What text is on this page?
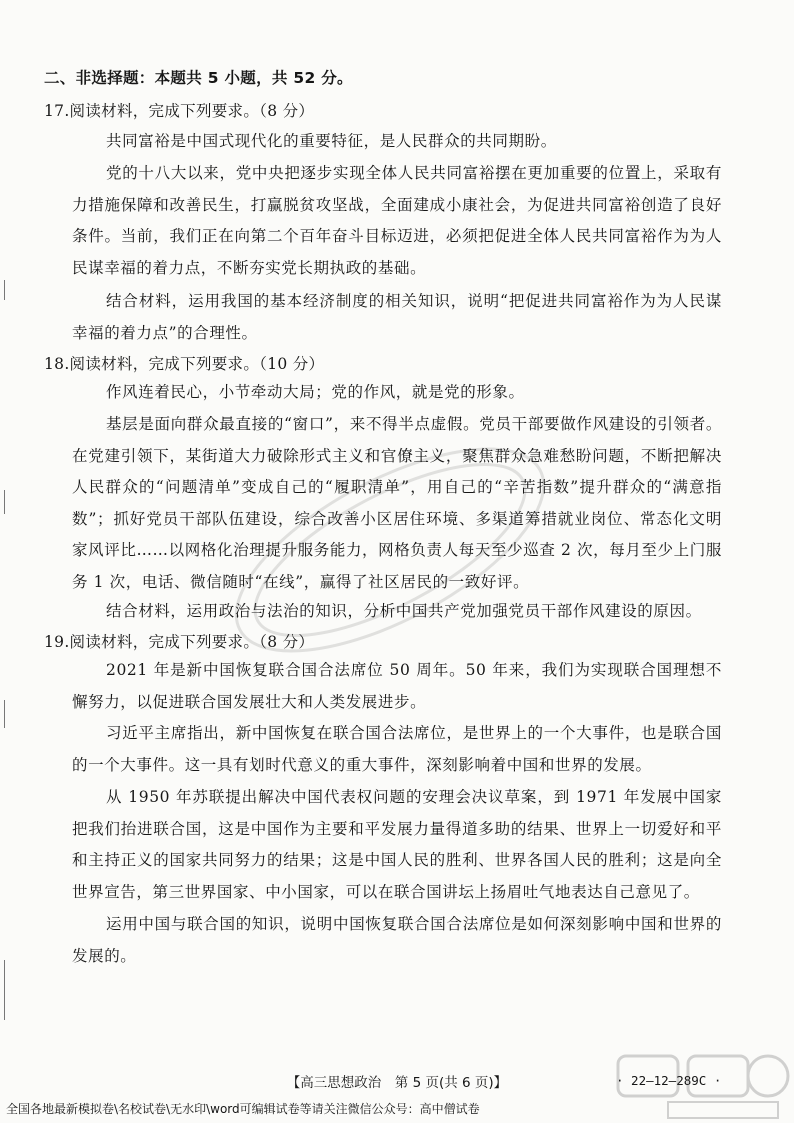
二、非选择题：本题共 5 小题，共 52 分。
17.阅读材料，完成下列要求。（8 分）
共同富裕是中国式现代化的重要特征，是人民群众的共同期盼。
党的十八大以来，党中央把逐步实现全体人民共同富裕摆在更加重要的位置上，采取有力措施保障和改善民生，打赢脱贫攻坚战，全面建成小康社会，为促进共同富裕创造了良好条件。当前，我们正在向第二个百年奋斗目标迈进，必须把促进全体人民共同富裕作为为人民谋幸福的着力点，不断夯实党长期执政的基础。
结合材料，运用我国的基本经济制度的相关知识，说明“把促进共同富裕作为为人民谋幸福的着力点”的合理性。
18.阅读材料，完成下列要求。（10 分）
作风连着民心，小节牵动大局；党的作风，就是党的形象。
基层是面向群众最直接的“窗口”，来不得半点虚假。党员干部要做作风建设的引领者。在党建引领下，某街道大力破除形式主义和官僚主义，聚焦群众急难愁盼问题，不断把解决人民群众的“问题清单”变成自己的“履职清单”，用自己的“辛苦指数”提升群众的“满意指数”；抓好党员干部队伍建设，综合改善小区居住环境、多渠道筹措就业岗位、常态化文明家风评比……以网格化治理提升服务能力，网格负责人每天至少巡查 2 次，每月至少上门服务 1 次，电话、微信随时“在线”，赢得了社区居民的一致好评。
结合材料，运用政治与法治的知识，分析中国共产党加强党员干部作风建设的原因。
19.阅读材料，完成下列要求。（8 分）
2021 年是新中国恢复联合国合法席位 50 周年。50 年来，我们为实现联合国理想不懈努力，以促进联合国发展壮大和人类发展进步。
习近平主席指出，新中国恢复在联合国合法席位，是世界上的一个大事件，也是联合国的一个大事件。这一具有划时代意义的重大事件，深刻影响着中国和世界的发展。
从 1950 年苏联提出解决中国代表权问题的安理会决议草案，到 1971 年发展中国家把我们抬进联合国，这是中国作为主要和平发展力量得道多助的结果、世界上一切爱好和平和主持正义的国家共同努力的结果；这是中国人民的胜利、世界各国人民的胜利；这是向全世界宣告，第三世界国家、中小国家，可以在联合国讲坛上扬眉吐气地表达自己意见了。
运用中国与联合国的知识，说明中国恢复联合国合法席位是如何深刻影响中国和世界的发展的。
【高三思想政治　第 5 页(共 6 页)】	· 22—12—289C ·
全国各地最新模拟卷\名校试卷\无水印\word可编辑试卷等请关注微信公众号：高中僧试卷
